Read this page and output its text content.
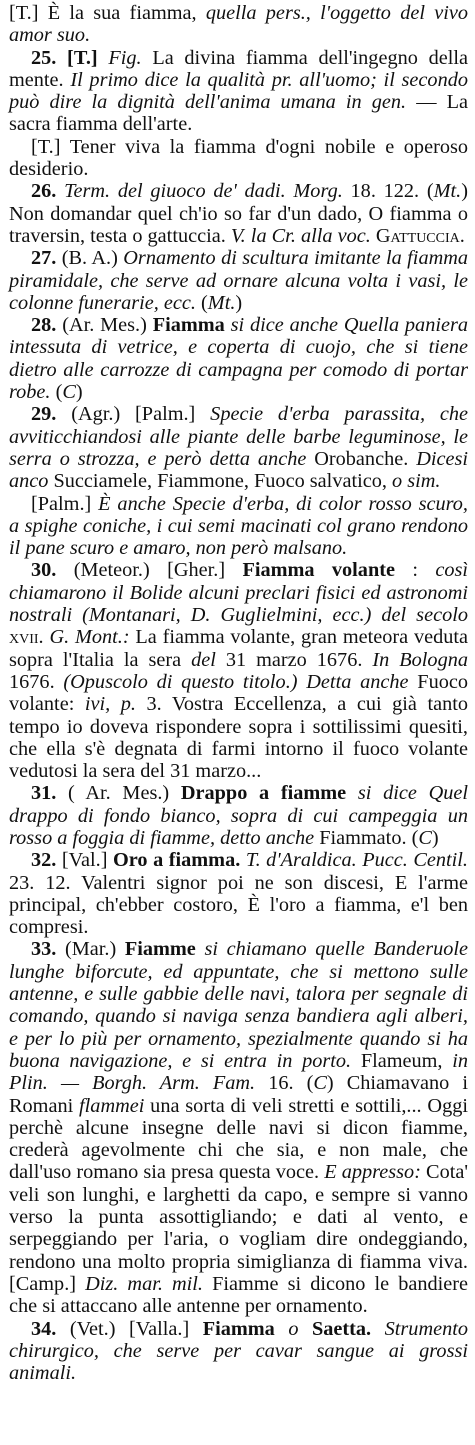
[T.] È la sua fiamma, quella pers., l'oggetto del vivo amor suo.

25. [T.] Fig. La divina fiamma dell'ingegno della mente. Il primo dice la qualità pr. all'uomo; il secondo può dire la dignità dell'anima umana in gen. — La sacra fiamma dell'arte.

[T.] Tener viva la fiamma d'ogni nobile e operoso desiderio.

26. Term. del giuoco de' dadi. Morg. 18. 122. (Mt.) Non domandar quel ch'io so far d'un dado, O fiamma o traversin, testa o gattuccia. V. la Cr. alla voc. Gattuccia.

27. (B. A.) Ornamento di scultura imitante la fiamma piramidale, che serve ad ornare alcuna volta i vasi, le colonne funerarie, ecc. (Mt.)

28. (Ar. Mes.) Fiamma si dice anche Quella paniera intessuta di vetrice, e coperta di cuojo, che si tiene dietro alle carrozze di campagna per comodo di portar robe. (C)

29. (Agr.) [Palm.] Specie d'erba parassita, che avviticchiandosi alle piante delle barbe leguminose, le serra o strozza, e però detta anche Orobanche. Dicesi anco Succiamele, Fiammone, Fuoco salvatico, o sim.

[Palm.] È anche Specie d'erba, di color rosso scuro, a spighe coniche, i cui semi macinati col grano rendono il pane scuro e amaro, non però malsano.

30. (Meteor.) [Gher.] Fiamma volante : così chiamarono il Bolide alcuni preclari fisici ed astronomi nostrali (Montanari, D. Guglielmini, ecc.) del secolo xvii. G. Mont.: La fiamma volante, gran meteora veduta sopra l'Italia la sera del 31 marzo 1676. In Bologna 1676. (Opuscolo di questo titolo.) Detta anche Fuoco volante: ivi, p. 3. Vostra Eccellenza, a cui già tanto tempo io doveva rispondere sopra i sottilissimi quesiti, che ella s'è degnata di farmi intorno il fuoco volante vedutosi la sera del 31 marzo...

31. ( Ar. Mes.) Drappo a fiamme si dice Quel drappo di fondo bianco, sopra di cui campeggia un rosso a foggia di fiamme, detto anche Fiammato. (C)

32. [Val.] Oro a fiamma. T. d'Araldica. Pucc. Centil. 23. 12. Valentri signor poi ne son discesi, E l'arme principal, ch'ebber costoro, È l'oro a fiamma, e'l ben compresi.

33. (Mar.) Fiamme si chiamano quelle Banderuole lunghe biforcute, ed appuntate, che si mettono sulle antenne, e sulle gabbie delle navi, talora per segnale di comando, quando si naviga senza bandiera agli alberi, e per lo più per ornamento, spezialmente quando si ha buona navigazione, e si entra in porto. Flameum, in Plin. — Borgh. Arm. Fam. 16. (C) Chiamavano i Romani flammei una sorta di veli stretti e sottili,... Oggi perchè alcune insegne delle navi si dicon fiamme, crederà agevolmente chi che sia, e non male, che dall'uso romano sia presa questa voce. E appresso: Cota' veli son lunghi, e larghetti da capo, e sempre si vanno verso la punta assottigliando; e dati al vento, e serpeggiando per l'aria, o vogliam dire ondeggiando, rendono una molto propria simiglianza di fiamma viva. [Camp.] Diz. mar. mil. Fiamme si dicono le bandiere che si attaccano alle antenne per ornamento.

34. (Vet.) [Valla.] Fiamma o Saetta. Strumento chirurgico, che serve per cavar sangue ai grossi animali.
